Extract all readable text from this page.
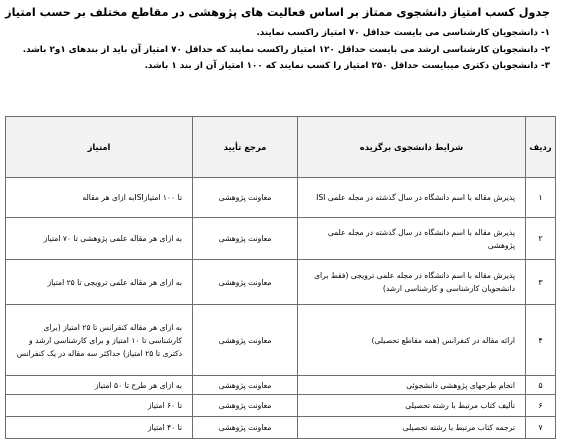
جدول کسب امتیاز دانشجوی ممتاز بر اساس فعالیت های پژوهشی در مقاطع مختلف بر حسب امتیاز
۱- دانشجویان کارشناسی می بایست حداقل ۷۰ امتیاز راکسب نمایند.
۲- دانشجویان کارشناسی ارشد می بایست حداقل ۱۲۰ امتیاز راکسب نمایند که حداقل ۷۰ امتیاز آن باید از بندهای ۱و۲ باشد.
۳- دانشجویان دکتری میبایست حداقل ۲۵۰ امتیاز را کسب نمایند که ۱۰۰ امتیاز آن از بند ۱ باشد.
ردیف	شرایط دانشجوی برگزیده	مرجع تأیید	امتیاز
۱	پذیرش مقاله با اسم دانشگاه در سال گذشته در مجله علمی ISI	معاونت پژوهشی	تا ۱۰۰ امتیازISIبه ازای هر مقاله
۲	پذیرش مقاله با اسم دانشگاه در سال گذشته در مجله علمی پژوهشی	معاونت پژوهشی	به ازای هر مقاله علمی پژوهشی تا ۷۰ امتیاز
۳	پذیرش مقاله با اسم دانشگاه در مجله علمی ترویجی (فقط برای دانشجویان کارشناسی و کارشناسی ارشد)	معاونت پژوهشی	به ازای هر مقاله علمی ترویجی تا ۲۵ امتیاز
۴	ارائه مقاله در کنفرانس (همه مقاطع تحصیلی)	معاونت پژوهشی	به ازای هر مقاله کنفرانس تا ۲۵ امتیاز (برای کارشناسی تا ۱۰ امتیاز و برای کارشناسی ارشد و دکتری تا ۲۵ امتیاز) حداکثر سه مقاله در یک کنفرانس
۵	انجام طرحهای پژوهشی دانشجوئی	معاونت پژوهشی	به ازای هر طرح تا ۵۰ امتیاز
۶	تألیف کتاب مرتبط با رشته تحصیلی	معاونت پژوهشی	تا ۶۰ امتیاز
۷	ترجمه کتاب مرتبط با رشته تحصیلی	معاونت پژوهشی	تا ۴۰ امتیاز
